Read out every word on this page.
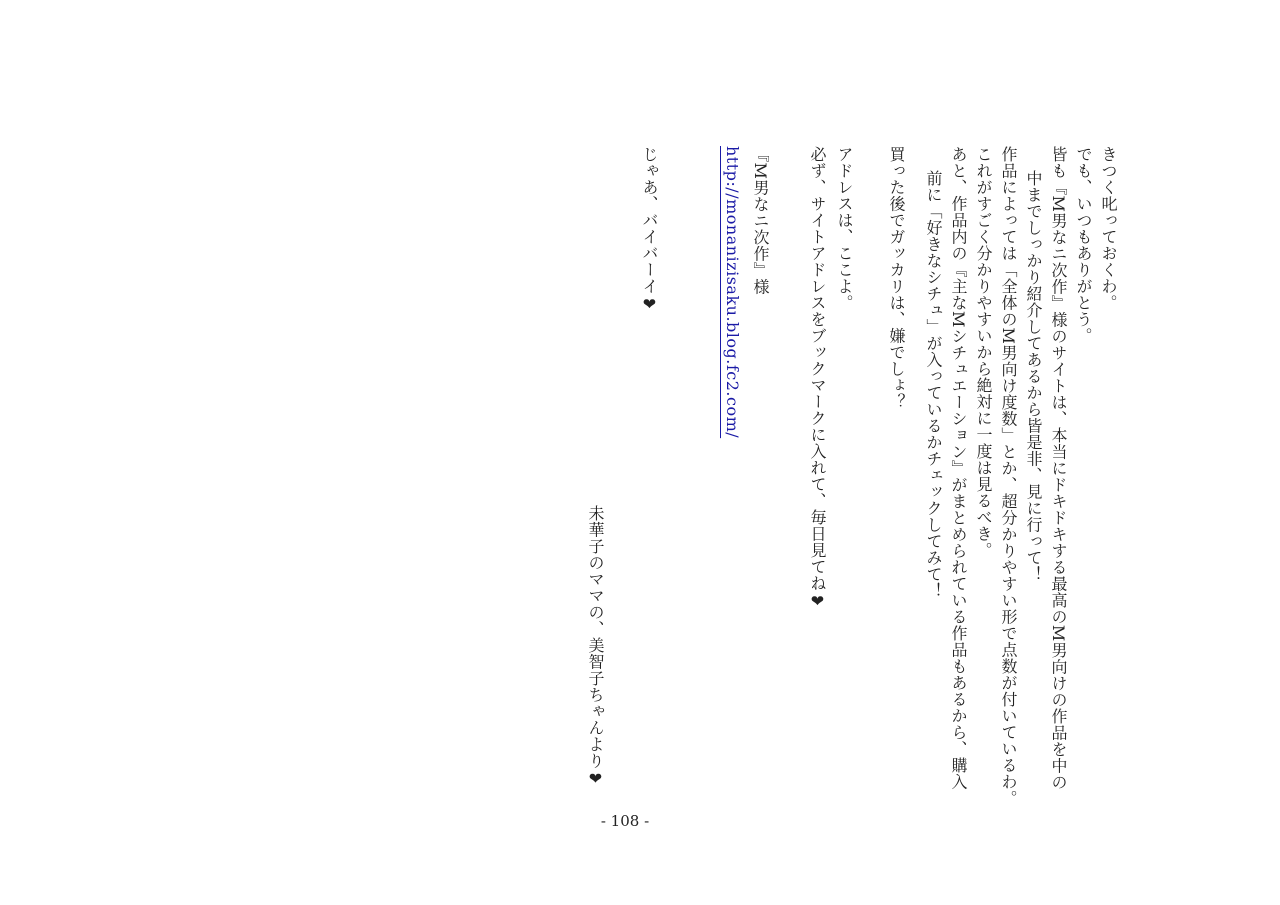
きつく叱っておくわ。
でも、いつもありがとう。
皆も『M男なニ次作』様のサイトは、本当にドキドキする最高のM男向けの作品を中の
中までしっかり紹介してあるから皆是非、見に行って！
作品によっては「全体のM男向け度数」とか、超分かりやすい形で点数が付いているわ。
これがすごく分かりやすいから絶対に一度は見るべき。
あと、作品内の『主なMシチュエーション』がまとめられている作品もあるから、購入
前に「好きなシチュ」が入っているかチェックしてみて！
買った後でガッカリは、嫌でしょ？
アドレスは、ここよ。
必ず、サイトアドレスをブックマークに入れて、毎日見てね❤
『M男なニ次作』様
http://monanizisaku.blog.fc2.com/
じゃあ、バイバーイ❤
未華子のママの、美智子ちゃんより❤
- 108 -
